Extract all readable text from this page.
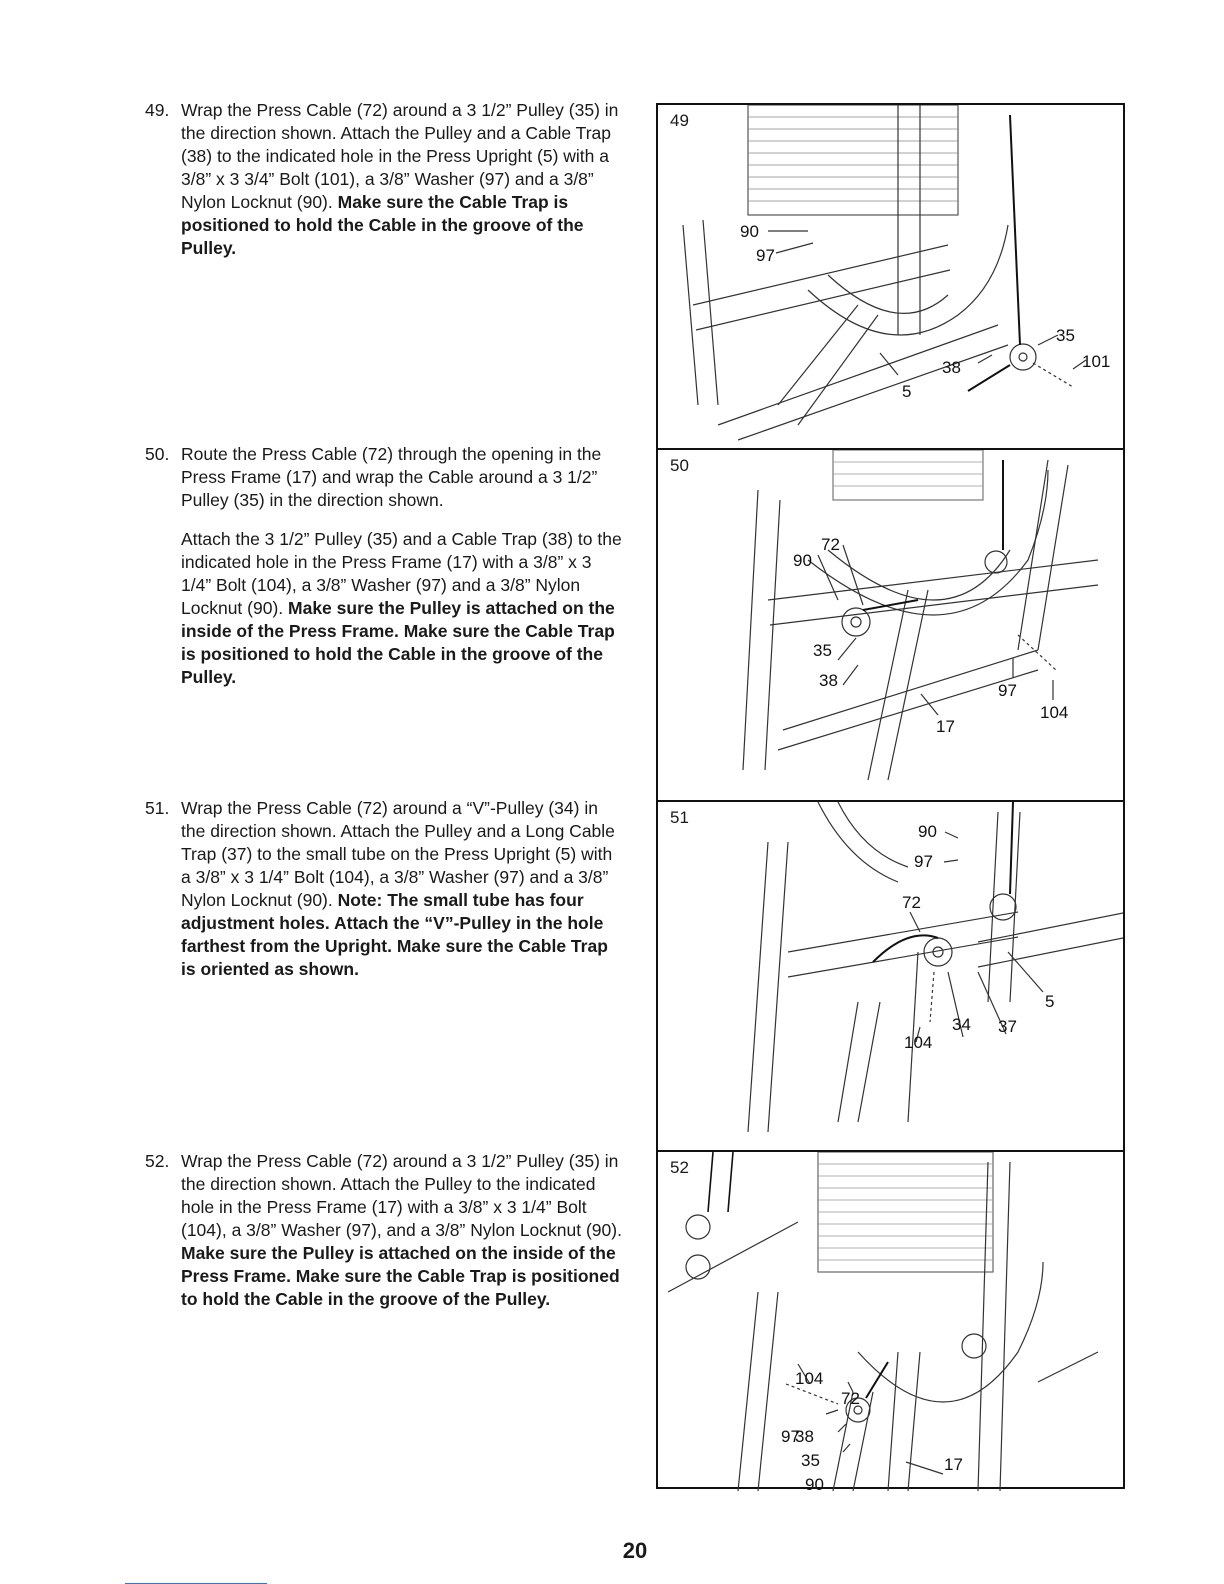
49. Wrap the Press Cable (72) around a 3 1/2” Pulley (35) in the direction shown. Attach the Pulley and a Cable Trap (38) to the indicated hole in the Press Upright (5) with a 3/8” x 3 3/4” Bolt (101), a 3/8” Washer (97) and a 3/8” Nylon Locknut (90). Make sure the Cable Trap is positioned to hold the Cable in the groove of the Pulley.

50. Route the Press Cable (72) through the opening in the Press Frame (17) and wrap the Cable around a 3 1/2” Pulley (35) in the direction shown.

Attach the 3 1/2” Pulley (35) and a Cable Trap (38) to the indicated hole in the Press Frame (17) with a 3/8” x 3 1/4” Bolt (104), a 3/8” Washer (97) and a 3/8” Nylon Locknut (90). Make sure the Pulley is attached on the inside of the Press Frame. Make sure the Cable Trap is positioned to hold the Cable in the groove of the Pulley.

51. Wrap the Press Cable (72) around a “V”-Pulley (34) in the direction shown. Attach the Pulley and a Long Cable Trap (37) to the small tube on the Press Upright (5) with a 3/8” x 3 1/4” Bolt (104), a 3/8” Washer (97) and a 3/8” Nylon Locknut (90). Note: The small tube has four adjustment holes. Attach the “V”-Pulley in the hole farthest from the Upright. Make sure the Cable Trap is oriented as shown.

52. Wrap the Press Cable (72) around a 3 1/2” Pulley (35) in the direction shown. Attach the Pulley to the indicated hole in the Press Frame (17) with a 3/8” x 3 1/4” Bolt (104), a 3/8” Washer (97), and a 3/8” Nylon Locknut (90). Make sure the Pulley is attached on the inside of the Press Frame. Make sure the Cable Trap is positioned to hold the Cable in the groove of the Pulley.

90
97
35
101
38
5
49
90
72
35
38
97
104
17
50
90
97
72
5
34 37
104
51
104
72
97
38
35
90
17
52
20
